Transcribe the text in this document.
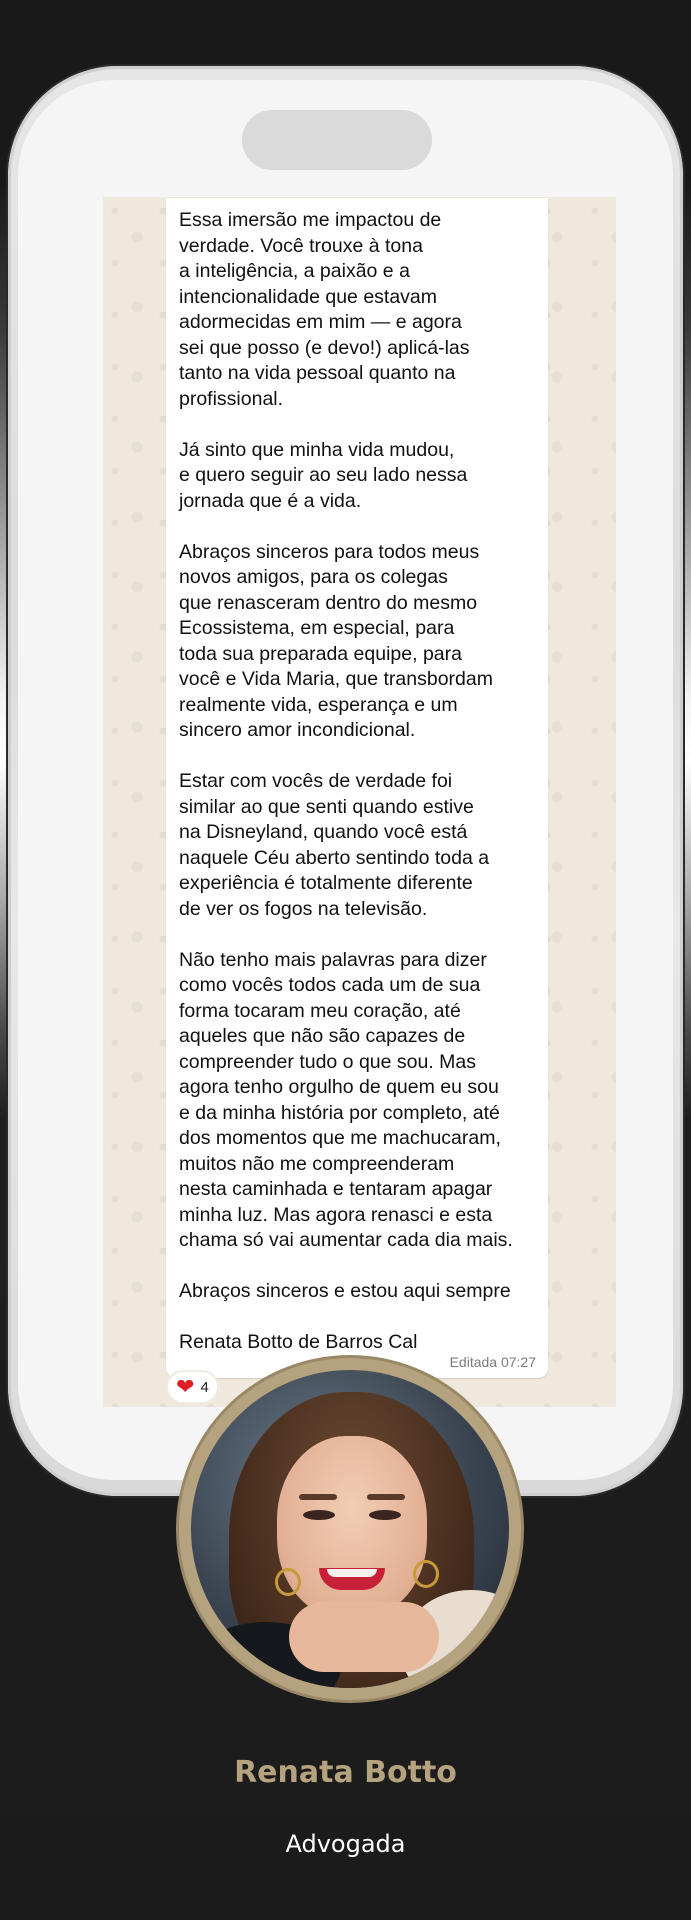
Essa imersão me impactou de
verdade. Você trouxe à tona
a inteligência, a paixão e a
intencionalidade que estavam
adormecidas em mim — e agora
sei que posso (e devo!) aplicá-las
tanto na vida pessoal quanto na
profissional.

Já sinto que minha vida mudou,
e quero seguir ao seu lado nessa
jornada que é a vida.

Abraços sinceros para todos meus
novos amigos, para os colegas
que renasceram dentro do mesmo
Ecossistema, em especial, para
toda sua preparada equipe, para
você e Vida Maria, que transbordam
realmente vida, esperança e um
sincero amor incondicional.

Estar com vocês de verdade foi
similar ao que senti quando estive
na Disneyland, quando você está
naquele Céu aberto sentindo toda a
experiência é totalmente diferente
de ver os fogos na televisão.

Não tenho mais palavras para dizer
como vocês todos cada um de sua
forma tocaram meu coração, até
aqueles que não são capazes de
compreender tudo o que sou. Mas
agora tenho orgulho de quem eu sou
e da minha história por completo, até
dos momentos que me machucaram,
muitos não me compreenderam
nesta caminhada e tentaram apagar
minha luz. Mas agora renasci e esta
chama só vai aumentar cada dia mais.

Abraços sinceros e estou aqui sempre

Renata Botto de Barros Cal

Editada 07:27
❤ 4
Renata Botto
Advogada
